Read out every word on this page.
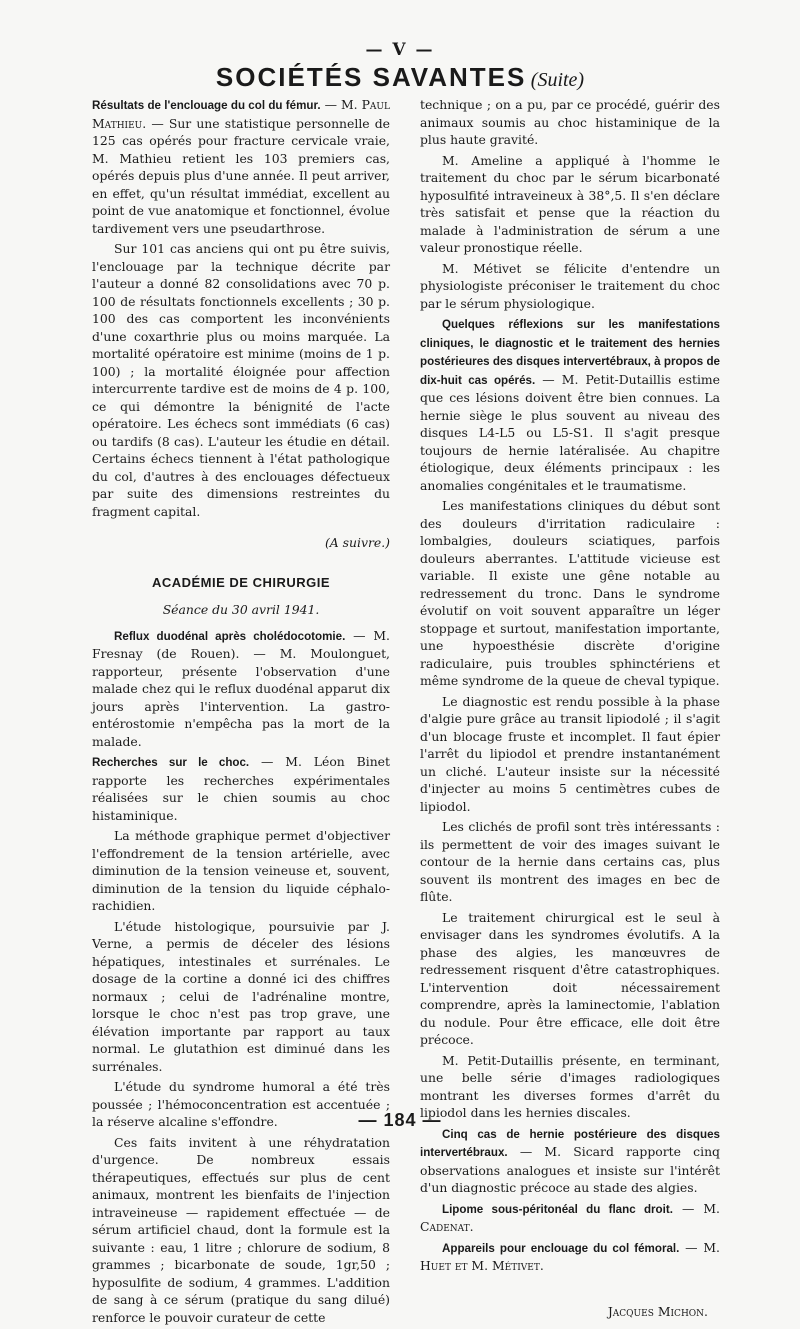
— V —
SOCIÉTÉS SAVANTES (Suite)

Résultats de l'enclouage du col du fémur. — M. Paul Mathieu. — Sur une statistique personnelle de 125 cas opérés pour fracture cervicale vraie, M. Mathieu retient les 103 premiers cas, opérés depuis plus d'une année. Il peut arriver, en effet, qu'un résultat immédiat, excellent au point de vue anatomique et fonctionnel, évolue tardivement vers une pseudarthrose.

Sur 101 cas anciens qui ont pu être suivis, l'enclouage par la technique décrite par l'auteur a donné 82 consolidations avec 70 p. 100 de résultats fonctionnels excellents ; 30 p. 100 des cas comportent les inconvénients d'une coxarthrie plus ou moins marquée. La mortalité opératoire est minime (moins de 1 p. 100) ; la mortalité éloignée pour affection intercurrente tardive est de moins de 4 p. 100, ce qui démontre la bénignité de l'acte opératoire. Les échecs sont immédiats (6 cas) ou tardifs (8 cas). L'auteur les étudie en détail. Certains échecs tiennent à l'état pathologique du col, d'autres à des enclouages défectueux par suite des dimensions restreintes du fragment capital.

(A suivre.)
ACADÉMIE DE CHIRURGIE
Séance du 30 avril 1941.

Reflux duodénal après cholédocotomie. — M. Fresnay (de Rouen). — M. Moulonguet, rapporteur, présente l'observation d'une malade chez qui le reflux duodénal apparut dix jours après l'intervention. La gastro-entérostomie n'empêcha pas la mort de la malade.

Recherches sur le choc. — M. Léon Binet rapporte les recherches expérimentales réalisées sur le chien soumis au choc histaminique.

La méthode graphique permet d'objectiver l'effondrement de la tension artérielle, avec diminution de la tension veineuse et, souvent, diminution de la tension du liquide céphalo-rachidien.

L'étude histologique, poursuivie par J. Verne, a permis de déceler des lésions hépatiques, intestinales et surrénales. Le dosage de la cortine a donné ici des chiffres normaux ; celui de l'adrénaline montre, lorsque le choc n'est pas trop grave, une élévation importante par rapport au taux normal. Le glutathion est diminué dans les surrénales.

L'étude du syndrome humoral a été très poussée ; l'hémoconcentration est accentuée ; la réserve alcaline s'effondre.

Ces faits invitent à une réhydratation d'urgence. De nombreux essais thérapeutiques, effectués sur plus de cent animaux, montrent les bienfaits de l'injection intraveineuse — rapidement effectuée — de sérum artificiel chaud, dont la formule est la suivante : eau, 1 litre ; chlorure de sodium, 8 grammes ; bicarbonate de soude, 1gr,50 ; hyposulfite de sodium, 4 grammes. L'addition de sang à ce sérum (pratique du sang dilué) renforce le pouvoir curateur de cette

technique ; on a pu, par ce procédé, guérir des animaux soumis au choc histaminique de la plus haute gravité.

M. Ameline a appliqué à l'homme le traitement du choc par le sérum bicarbonaté hyposulfité intraveineux à 38°,5. Il s'en déclare très satisfait et pense que la réaction du malade à l'administration de sérum a une valeur pronostique réelle.

M. Métivet se félicite d'entendre un physiologiste préconiser le traitement du choc par le sérum physiologique.

Quelques réflexions sur les manifestations cliniques, le diagnostic et le traitement des hernies postérieures des disques intervertébraux, à propos de dix-huit cas opérés. — M. Petit-Dutaillis estime que ces lésions doivent être bien connues. La hernie siège le plus souvent au niveau des disques L4-L5 ou L5-S1. Il s'agit presque toujours de hernie latéralisée. Au chapitre étiologique, deux éléments principaux : les anomalies congénitales et le traumatisme.

Les manifestations cliniques du début sont des douleurs d'irritation radiculaire : lombalgies, douleurs sciatiques, parfois douleurs aberrantes. L'attitude vicieuse est variable. Il existe une gêne notable au redressement du tronc. Dans le syndrome évolutif on voit souvent apparaître un léger stoppage et surtout, manifestation importante, une hypoesthésie discrète d'origine radiculaire, puis troubles sphinctériens et même syndrome de la queue de cheval typique.

Le diagnostic est rendu possible à la phase d'algie pure grâce au transit lipiodolé ; il s'agit d'un blocage fruste et incomplet. Il faut épier l'arrêt du lipiodol et prendre instantanément un cliché. L'auteur insiste sur la nécessité d'injecter au moins 5 centimètres cubes de lipiodol.

Les clichés de profil sont très intéressants : ils permettent de voir des images suivant le contour de la hernie dans certains cas, plus souvent ils montrent des images en bec de flûte.

Le traitement chirurgical est le seul à envisager dans les syndromes évolutifs. A la phase des algies, les manœuvres de redressement risquent d'être catastrophiques. L'intervention doit nécessairement comprendre, après la laminectomie, l'ablation du nodule. Pour être efficace, elle doit être précoce.

M. Petit-Dutaillis présente, en terminant, une belle série d'images radiologiques montrant les diverses formes d'arrêt du lipiodol dans les hernies discales.

Cinq cas de hernie postérieure des disques intervertébraux. — M. Sicard rapporte cinq observations analogues et insiste sur l'intérêt d'un diagnostic précoce au stade des algies.

Lipome sous-péritonéal du flanc droit. — M. Cadenat.

Appareils pour enclouage du col fémoral. — M. Huet et M. Métivet.

Jacques Michon.
— 184 —
